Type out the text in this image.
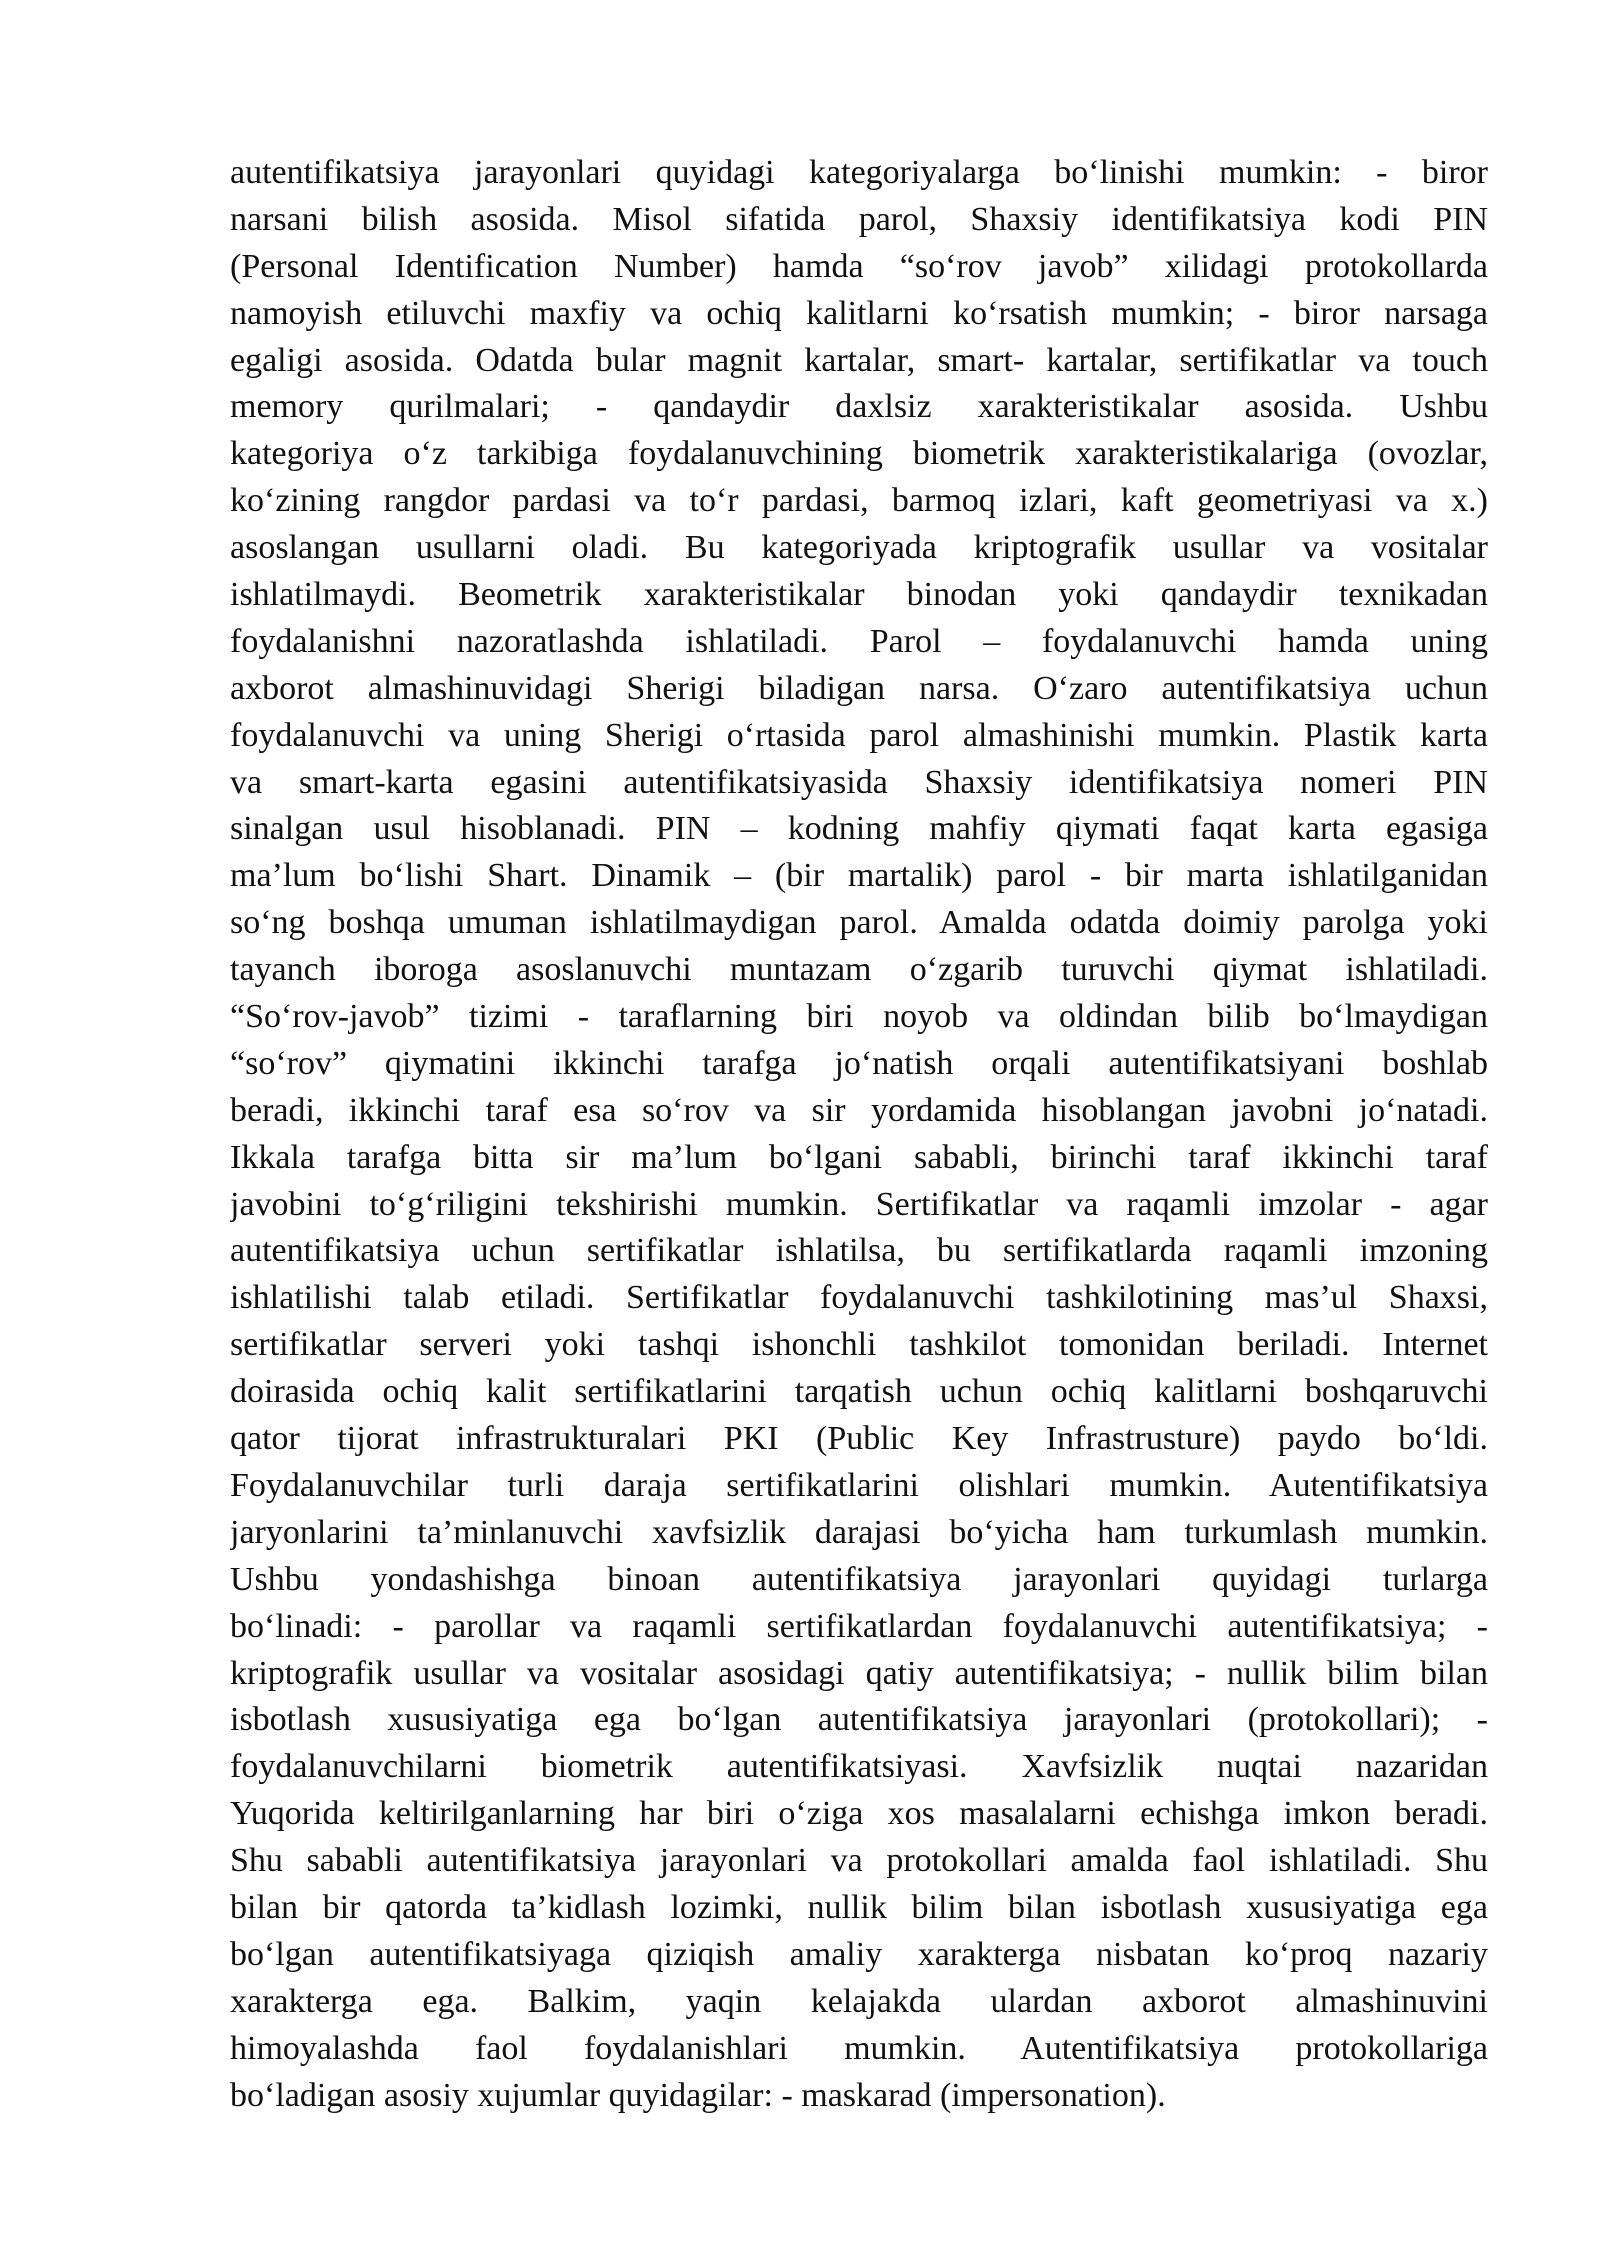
autentifikatsiya jarayonlari quyidagi kategoriyalarga bo‘linishi mumkin: - biror
narsani bilish asosida. Misol sifatida parol, Shaxsiy identifikatsiya kodi PIN
(Personal Identification Number) hamda “so‘rov javob” xilidagi protokollarda
namoyish etiluvchi maxfiy va ochiq kalitlarni ko‘rsatish mumkin; - biror narsaga
egaligi asosida. Odatda bular magnit kartalar, smart- kartalar, sertifikatlar va touch
memory qurilmalari; - qandaydir daxlsiz xarakteristikalar asosida. Ushbu
kategoriya o‘z tarkibiga foydalanuvchining biometrik xarakteristikalariga (ovozlar,
ko‘zining rangdor pardasi va to‘r pardasi, barmoq izlari, kaft geometriyasi va x.)
asoslangan usullarni oladi. Bu kategoriyada kriptografik usullar va vositalar
ishlatilmaydi. Beometrik xarakteristikalar binodan yoki qandaydir texnikadan
foydalanishni nazoratlashda ishlatiladi. Parol – foydalanuvchi hamda uning
axborot almashinuvidagi Sherigi biladigan narsa. O‘zaro autentifikatsiya uchun
foydalanuvchi va uning Sherigi o‘rtasida parol almashinishi mumkin. Plastik karta
va smart-karta egasini autentifikatsiyasida Shaxsiy identifikatsiya nomeri PIN
sinalgan usul hisoblanadi. PIN – kodning mahfiy qiymati faqat karta egasiga
ma’lum bo‘lishi Shart. Dinamik – (bir martalik) parol - bir marta ishlatilganidan
so‘ng boshqa umuman ishlatilmaydigan parol. Amalda odatda doimiy parolga yoki
tayanch iboroga asoslanuvchi muntazam o‘zgarib turuvchi qiymat ishlatiladi.
“So‘rov-javob” tizimi - taraflarning biri noyob va oldindan bilib bo‘lmaydigan
“so‘rov” qiymatini ikkinchi tarafga jo‘natish orqali autentifikatsiyani boshlab
beradi, ikkinchi taraf esa so‘rov va sir yordamida hisoblangan javobni jo‘natadi.
Ikkala tarafga bitta sir ma’lum bo‘lgani sababli, birinchi taraf ikkinchi taraf
javobini to‘g‘riligini tekshirishi mumkin. Sertifikatlar va raqamli imzolar - agar
autentifikatsiya uchun sertifikatlar ishlatilsa, bu sertifikatlarda raqamli imzoning
ishlatilishi talab etiladi. Sertifikatlar foydalanuvchi tashkilotining mas’ul Shaxsi,
sertifikatlar serveri yoki tashqi ishonchli tashkilot tomonidan beriladi. Internet
doirasida ochiq kalit sertifikatlarini tarqatish uchun ochiq kalitlarni boshqaruvchi
qator tijorat infrastrukturalari PKI (Public Key Infrastrusture) paydo bo‘ldi.
Foydalanuvchilar turli daraja sertifikatlarini olishlari mumkin. Autentifikatsiya
jaryonlarini ta’minlanuvchi xavfsizlik darajasi bo‘yicha ham turkumlash mumkin.
Ushbu yondashishga binoan autentifikatsiya jarayonlari quyidagi turlarga
bo‘linadi: - parollar va raqamli sertifikatlardan foydalanuvchi autentifikatsiya; -
kriptografik usullar va vositalar asosidagi qatiy autentifikatsiya; - nullik bilim bilan
isbotlash xususiyatiga ega bo‘lgan autentifikatsiya jarayonlari (protokollari); -
foydalanuvchilarni biometrik autentifikatsiyasi. Xavfsizlik nuqtai nazaridan
Yuqorida keltirilganlarning har biri o‘ziga xos masalalarni echishga imkon beradi.
Shu sababli autentifikatsiya jarayonlari va protokollari amalda faol ishlatiladi. Shu
bilan bir qatorda ta’kidlash lozimki, nullik bilim bilan isbotlash xususiyatiga ega
bo‘lgan autentifikatsiyaga qiziqish amaliy xarakterga nisbatan ko‘proq nazariy
xarakterga ega. Balkim, yaqin kelajakda ulardan axborot almashinuvini
himoyalashda faol foydalanishlari mumkin. Autentifikatsiya protokollariga
bo‘ladigan asosiy xujumlar quyidagilar: - maskarad (impersonation).
